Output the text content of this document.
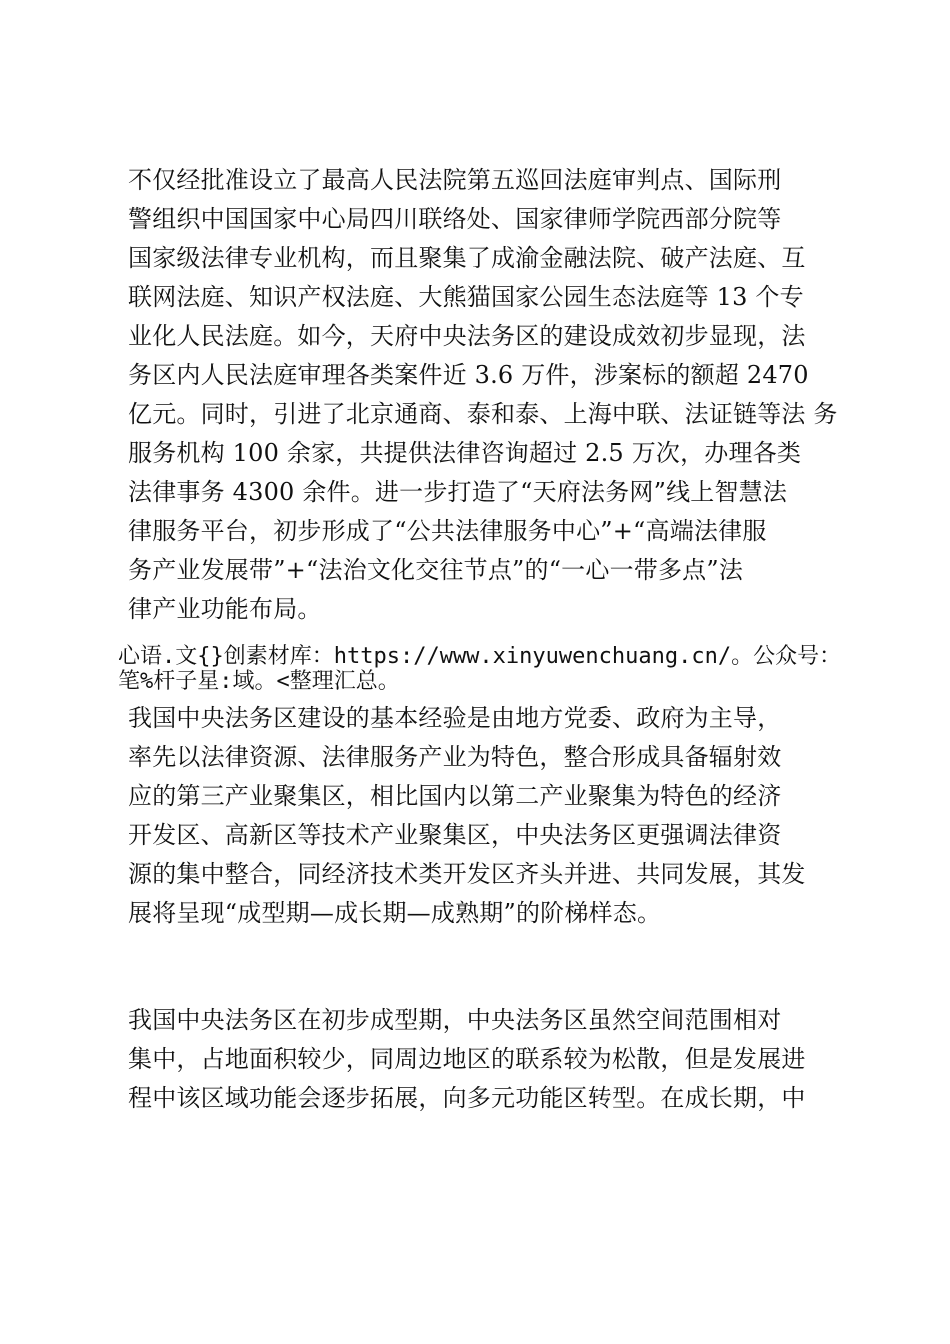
不仅经批准设立了最高人民法院第五巡回法庭审判点、国际刑
警组织中国国家中心局四川联络处、国家律师学院西部分院等
国家级法律专业机构，而且聚集了成渝金融法院、破产法庭、互
联网法庭、知识产权法庭、大熊猫国家公园生态法庭等 13 个专
业化人民法庭。如今，天府中央法务区的建设成效初步显现，法
务区内人民法庭审理各类案件近 3.6 万件，涉案标的额超 2470
亿元。同时，引进了北京通商、泰和泰、上海中联、法证链等法 务
服务机构 100 余家，共提供法律咨询超过 2.5 万次，办理各类
法律事务 4300 余件。进一步打造了“天府法务网”线上智慧法
律服务平台，初步形成了“公共法律服务中心”+“高端法律服
务产业发展带”+“法治文化交往节点”的“一心一带多点”法
律产业功能布局。
心语.文{}创素材库：https://www.xinyuwenchuang.cn/。公众号：
笔%杆子星:域。<整理汇总。
我国中央法务区建设的基本经验是由地方党委、政府为主导，
率先以法律资源、法律服务产业为特色，整合形成具备辐射效
应的第三产业聚集区，相比国内以第二产业聚集为特色的经济
开发区、高新区等技术产业聚集区，中央法务区更强调法律资
源的集中整合，同经济技术类开发区齐头并进、共同发展，其发
展将呈现“成型期—成长期—成熟期”的阶梯样态。
我国中央法务区在初步成型期，中央法务区虽然空间范围相对
集中，占地面积较少，同周边地区的联系较为松散，但是发展进
程中该区域功能会逐步拓展，向多元功能区转型。在成长期，中
